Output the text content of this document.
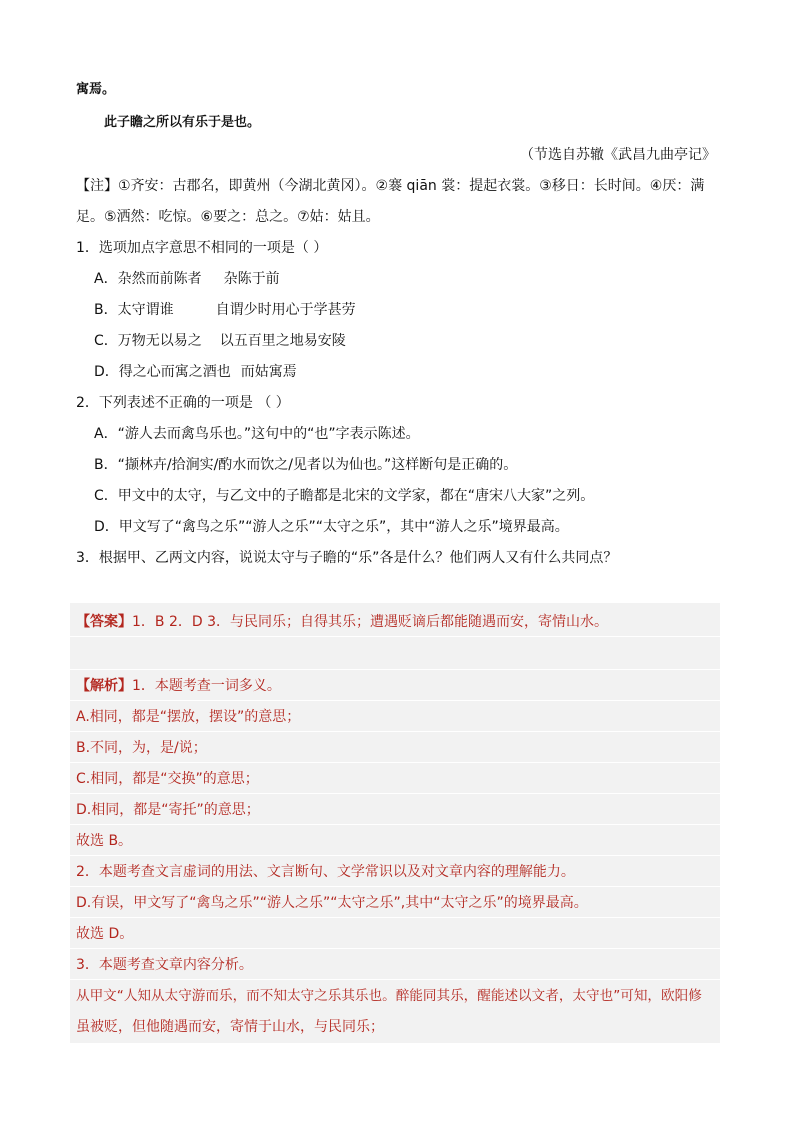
寓焉。
此子瞻之所以有乐于是也。
（节选自苏辙《武昌九曲亭记》
【注】①齐安：古郡名，即黄州（今湖北黄冈）。②褰 qiān 裳：提起衣裳。③移日：长时间。④厌：满
足。⑤洒然：吃惊。⑥要之：总之。⑦姑：姑且。
1．选项加点字意思不相同的一项是（ ）
A．杂然而前陈者 杂陈于前
B．太守谓谁	自谓少时用心于学甚劳
C．万物无以易之 以五百里之地易安陵
D．得之心而寓之酒也 而姑寓焉
2．下列表述不正确的一项是 （ ）
A．“游人去而禽鸟乐也。”这句中的“也”字表示陈述。
B．“撷林卉/拾涧实/酌水而饮之/见者以为仙也。”这样断句是正确的。
C．甲文中的太守，与乙文中的子瞻都是北宋的文学家，都在“唐宋八大家”之列。
D．甲文写了“禽鸟之乐”“游人之乐”“太守之乐”，其中“游人之乐”境界最高。
3．根据甲、乙两文内容，说说太守与子瞻的“乐”各是什么？他们两人又有什么共同点？
【答案】1．B 2．D 3．与民同乐；自得其乐；遭遇贬谪后都能随遇而安，寄情山水。
【解析】1．本题考查一词多义。
A.相同，都是“摆放，摆设”的意思；
B.不同，为，是/说；
C.相同，都是“交换”的意思；
D.相同，都是“寄托”的意思；
故选 B。
2．本题考查文言虚词的用法、文言断句、文学常识以及对文章内容的理解能力。
D.有误，甲文写了“禽鸟之乐”“游人之乐”“太守之乐”,其中“太守之乐”的境界最高。
故选 D。
3．本题考查文章内容分析。
从甲文“人知从太守游而乐，而不知太守之乐其乐也。醉能同其乐，醒能述以文者，太守也”可知，欧阳修
虽被贬，但他随遇而安，寄情于山水，与民同乐；
